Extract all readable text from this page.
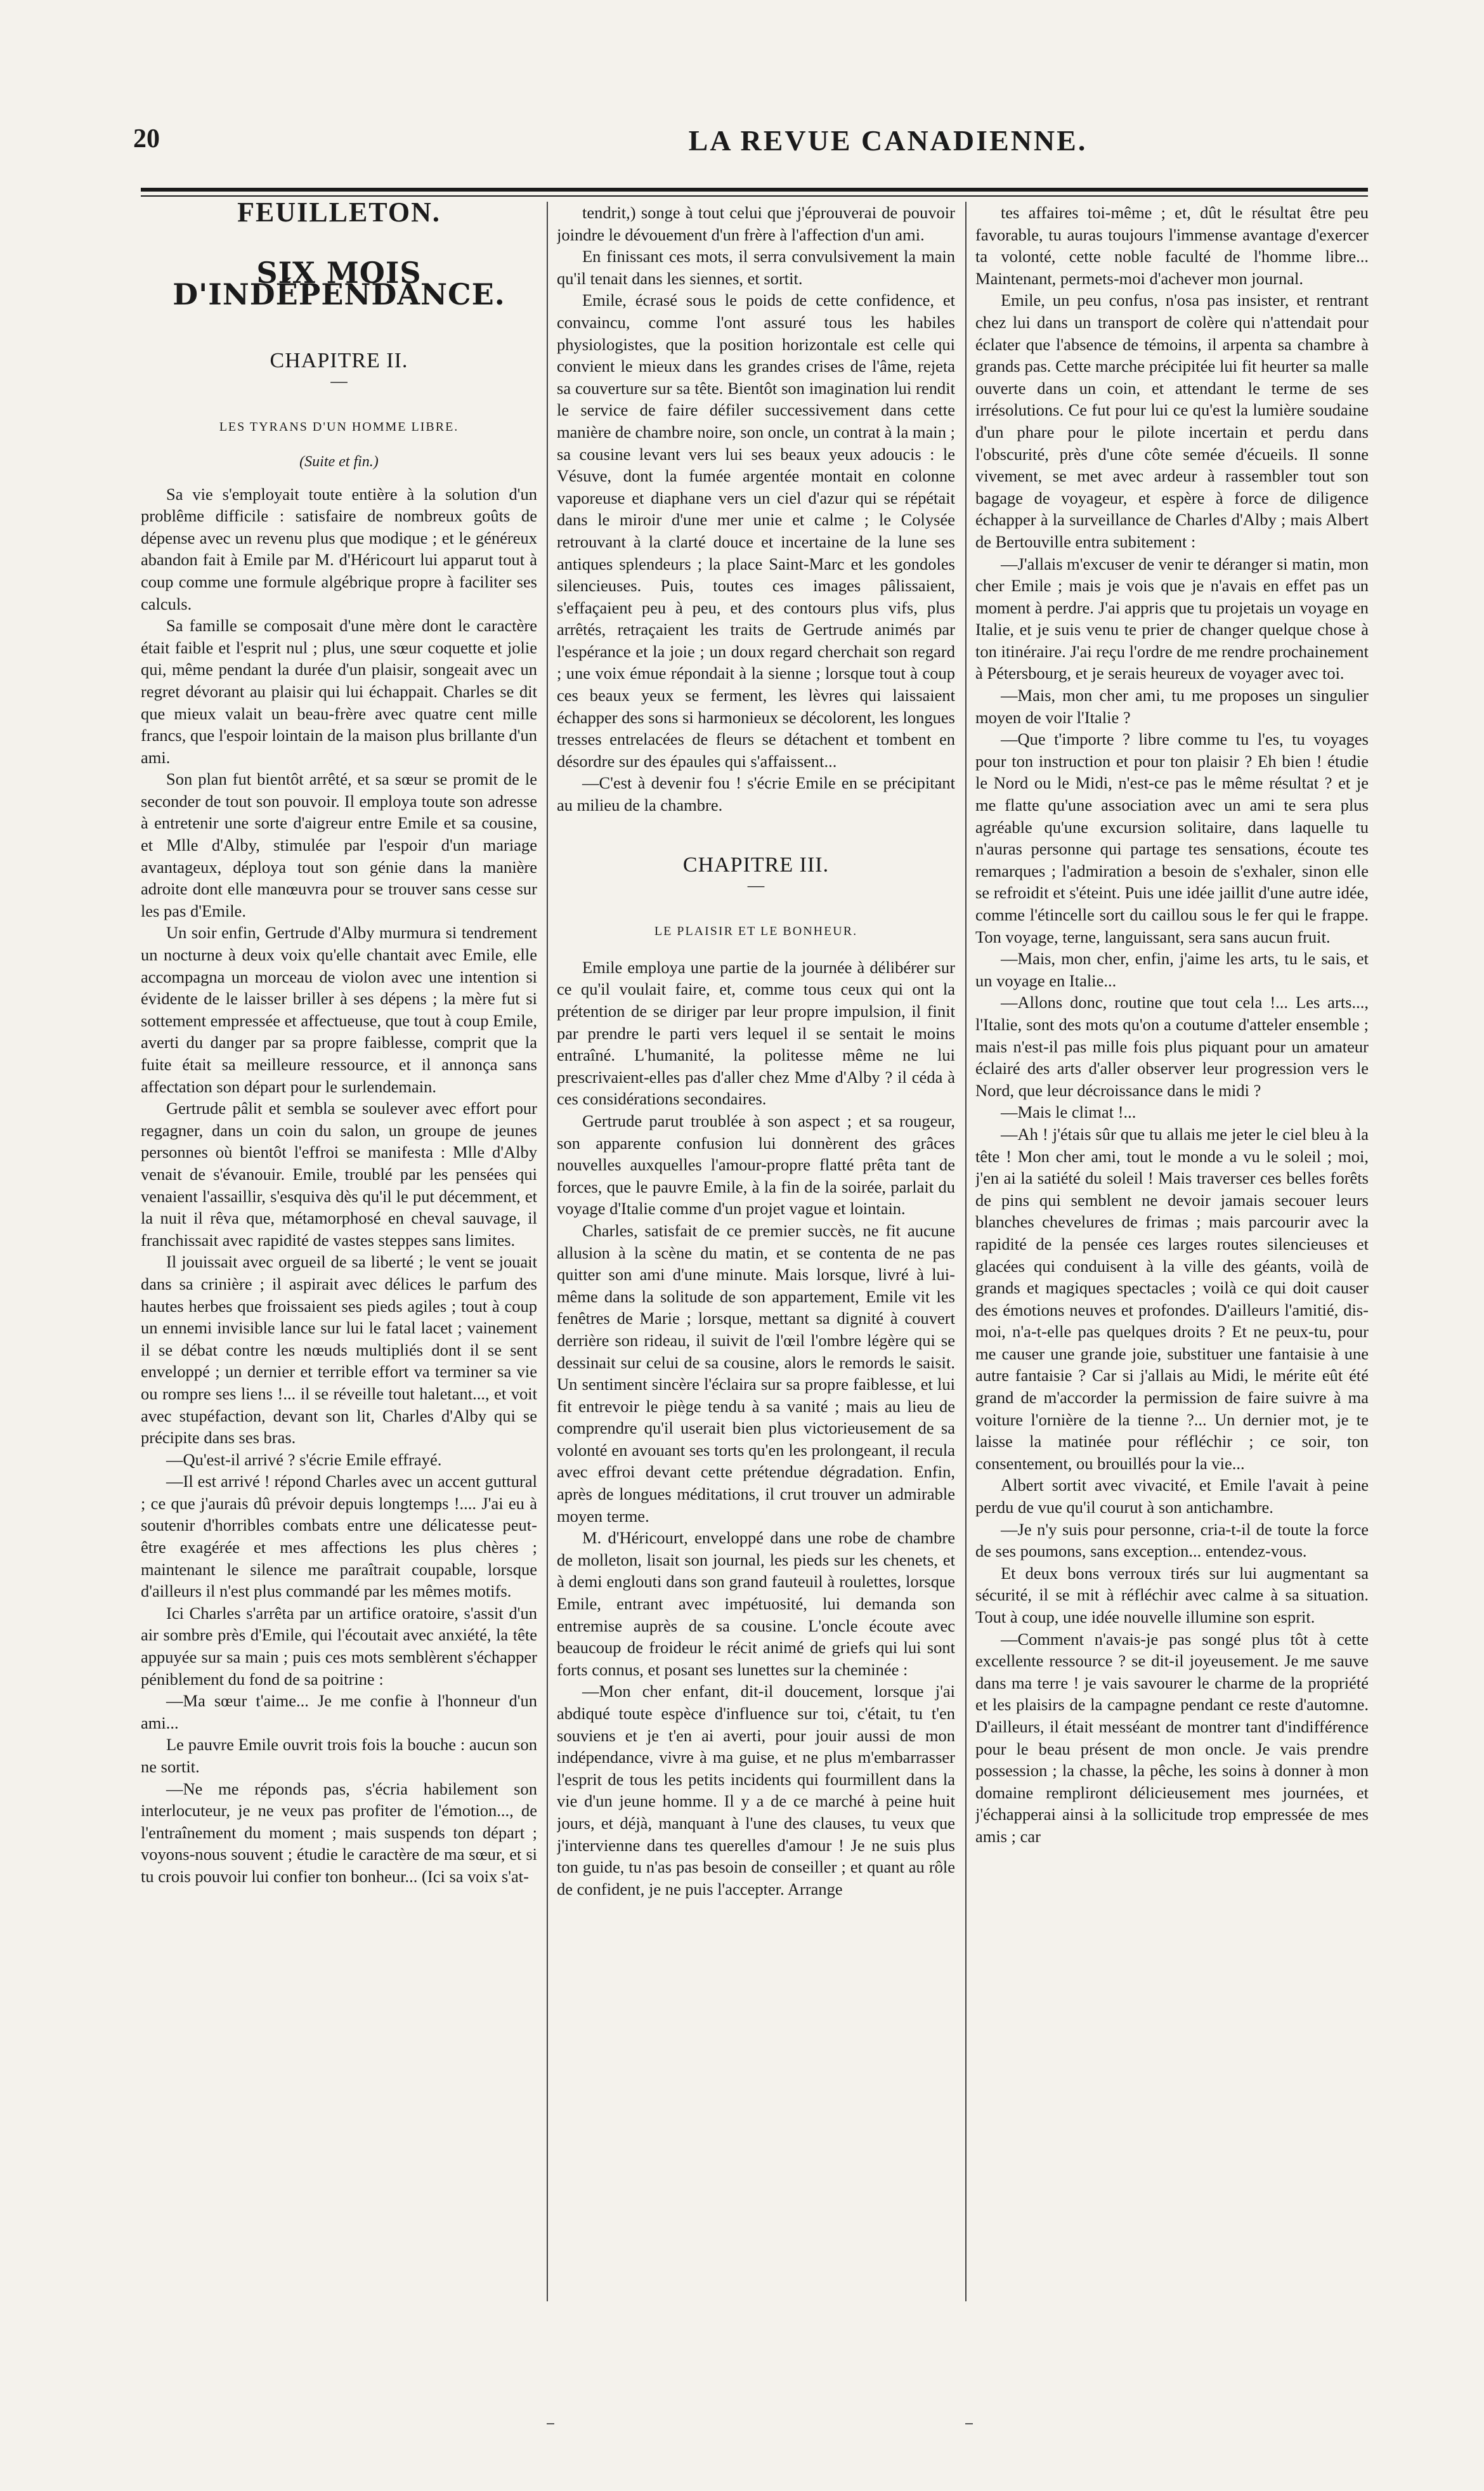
20	LA REVUE CANADIENNE.
FEUILLETON.
SIX MOIS D'INDÉPENDANCE.
CHAPITRE II.
—
LES TYRANS D'UN HOMME LIBRE.
(Suite et fin.)

Sa vie s'employait toute entière à la solution d'un problême difficile : satisfaire de nombreux goûts de dépense avec un revenu plus que modique ; et le généreux abandon fait à Emile par M. d'Héricourt lui apparut tout à coup comme une formule algébrique propre à faciliter ses calculs.

Sa famille se composait d'une mère dont le caractère était faible et l'esprit nul ; plus, une sœur coquette et jolie qui, même pendant la durée d'un plaisir, songeait avec un regret dévorant au plaisir qui lui échappait. Charles se dit que mieux valait un beau-frère avec quatre cent mille francs, que l'espoir lointain de la maison plus brillante d'un ami.

Son plan fut bientôt arrêté, et sa sœur se promit de le seconder de tout son pouvoir. Il employa toute son adresse à entretenir une sorte d'aigreur entre Emile et sa cousine, et Mlle d'Alby, stimulée par l'espoir d'un mariage avantageux, déploya tout son génie dans la manière adroite dont elle manœuvra pour se trouver sans cesse sur les pas d'Emile.

Un soir enfin, Gertrude d'Alby murmura si tendrement un nocturne à deux voix qu'elle chantait avec Emile, elle accompagna un morceau de violon avec une intention si évidente de le laisser briller à ses dépens ; la mère fut si sottement empressée et affectueuse, que tout à coup Emile, averti du danger par sa propre faiblesse, comprit que la fuite était sa meilleure ressource, et il annonça sans affectation son départ pour le surlendemain.

Gertrude pâlit et sembla se soulever avec effort pour regagner, dans un coin du salon, un groupe de jeunes personnes où bientôt l'effroi se manifesta : Mlle d'Alby venait de s'évanouir. Emile, troublé par les pensées qui venaient l'assaillir, s'esquiva dès qu'il le put décemment, et la nuit il rêva que, métamorphosé en cheval sauvage, il franchissait avec rapidité de vastes steppes sans limites.

Il jouissait avec orgueil de sa liberté ; le vent se jouait dans sa crinière ; il aspirait avec délices le parfum des hautes herbes que froissaient ses pieds agiles ; tout à coup un ennemi invisible lance sur lui le fatal lacet ; vainement il se débat contre les nœuds multipliés dont il se sent enveloppé ; un dernier et terrible effort va terminer sa vie ou rompre ses liens !... il se réveille tout haletant..., et voit avec stupéfaction, devant son lit, Charles d'Alby qui se précipite dans ses bras.

—Qu'est-il arrivé ? s'écrie Emile effrayé.

—Il est arrivé ! répond Charles avec un accent guttural ; ce que j'aurais dû prévoir depuis longtemps !.... J'ai eu à soutenir d'horribles combats entre une délicatesse peut-être exagérée et mes affections les plus chères ; maintenant le silence me paraîtrait coupable, lorsque d'ailleurs il n'est plus commandé par les mêmes motifs.

Ici Charles s'arrêta par un artifice oratoire, s'assit d'un air sombre près d'Emile, qui l'écoutait avec anxiété, la tête appuyée sur sa main ; puis ces mots semblèrent s'échapper péniblement du fond de sa poitrine :

—Ma sœur t'aime... Je me confie à l'honneur d'un ami...

Le pauvre Emile ouvrit trois fois la bouche : aucun son ne sortit.

—Ne me réponds pas, s'écria habilement son interlocuteur, je ne veux pas profiter de l'émotion..., de l'entraînement du moment ; mais suspends ton départ ; voyons-nous souvent ; étudie le caractère de ma sœur, et si tu crois pouvoir lui confier ton bonheur... (Ici sa voix s'at-

tendrit,) songe à tout celui que j'éprouverai de pouvoir joindre le dévouement d'un frère à l'affection d'un ami.

En finissant ces mots, il serra convulsivement la main qu'il tenait dans les siennes, et sortit.

Emile, écrasé sous le poids de cette confidence, et convaincu, comme l'ont assuré tous les habiles physiologistes, que la position horizontale est celle qui convient le mieux dans les grandes crises de l'âme, rejeta sa couverture sur sa tête. Bientôt son imagination lui rendit le service de faire défiler successivement dans cette manière de chambre noire, son oncle, un contrat à la main ; sa cousine levant vers lui ses beaux yeux adoucis : le Vésuve, dont la fumée argentée montait en colonne vaporeuse et diaphane vers un ciel d'azur qui se répétait dans le miroir d'une mer unie et calme ; le Colysée retrouvant à la clarté douce et incertaine de la lune ses antiques splendeurs ; la place Saint-Marc et les gondoles silencieuses. Puis, toutes ces images pâlissaient, s'effaçaient peu à peu, et des contours plus vifs, plus arrêtés, retraçaient les traits de Gertrude animés par l'espérance et la joie ; un doux regard cherchait son regard ; une voix émue répondait à la sienne ; lorsque tout à coup ces beaux yeux se ferment, les lèvres qui laissaient échapper des sons si harmonieux se décolorent, les longues tresses entrelacées de fleurs se détachent et tombent en désordre sur des épaules qui s'affaissent...

—C'est à devenir fou ! s'écrie Emile en se précipitant au milieu de la chambre.

CHAPITRE III.
—
LE PLAISIR ET LE BONHEUR.

Emile employa une partie de la journée à délibérer sur ce qu'il voulait faire, et, comme tous ceux qui ont la prétention de se diriger par leur propre impulsion, il finit par prendre le parti vers lequel il se sentait le moins entraîné. L'humanité, la politesse même ne lui prescrivaient-elles pas d'aller chez Mme d'Alby ? il céda à ces considérations secondaires.

Gertrude parut troublée à son aspect ; et sa rougeur, son apparente confusion lui donnèrent des grâces nouvelles auxquelles l'amour-propre flatté prêta tant de forces, que le pauvre Emile, à la fin de la soirée, parlait du voyage d'Italie comme d'un projet vague et lointain.

Charles, satisfait de ce premier succès, ne fit aucune allusion à la scène du matin, et se contenta de ne pas quitter son ami d'une minute. Mais lorsque, livré à lui-même dans la solitude de son appartement, Emile vit les fenêtres de Marie ; lorsque, mettant sa dignité à couvert derrière son rideau, il suivit de l'œil l'ombre légère qui se dessinait sur celui de sa cousine, alors le remords le saisit. Un sentiment sincère l'éclaira sur sa propre faiblesse, et lui fit entrevoir le piège tendu à sa vanité ; mais au lieu de comprendre qu'il userait bien plus victorieusement de sa volonté en avouant ses torts qu'en les prolongeant, il recula avec effroi devant cette prétendue dégradation. Enfin, après de longues méditations, il crut trouver un admirable moyen terme.

M. d'Héricourt, enveloppé dans une robe de chambre de molleton, lisait son journal, les pieds sur les chenets, et à demi englouti dans son grand fauteuil à roulettes, lorsque Emile, entrant avec impétuosité, lui demanda son entremise auprès de sa cousine. L'oncle écoute avec beaucoup de froideur le récit animé de griefs qui lui sont forts connus, et posant ses lunettes sur la cheminée :

—Mon cher enfant, dit-il doucement, lorsque j'ai abdiqué toute espèce d'influence sur toi, c'était, tu t'en souviens et je t'en ai averti, pour jouir aussi de mon indépendance, vivre à ma guise, et ne plus m'embarrasser l'esprit de tous les petits incidents qui fourmillent dans la vie d'un jeune homme. Il y a de ce marché à peine huit jours, et déjà, manquant à l'une des clauses, tu veux que j'intervienne dans tes querelles d'amour ! Je ne suis plus ton guide, tu n'as pas besoin de conseiller ; et quant au rôle de confident, je ne puis l'accepter. Arrange

tes affaires toi-même ; et, dût le résultat être peu favorable, tu auras toujours l'immense avantage d'exercer ta volonté, cette noble faculté de l'homme libre... Maintenant, permets-moi d'achever mon journal.

Emile, un peu confus, n'osa pas insister, et rentrant chez lui dans un transport de colère qui n'attendait pour éclater que l'absence de témoins, il arpenta sa chambre à grands pas. Cette marche précipitée lui fit heurter sa malle ouverte dans un coin, et attendant le terme de ses irrésolutions. Ce fut pour lui ce qu'est la lumière soudaine d'un phare pour le pilote incertain et perdu dans l'obscurité, près d'une côte semée d'écueils. Il sonne vivement, se met avec ardeur à rassembler tout son bagage de voyageur, et espère à force de diligence échapper à la surveillance de Charles d'Alby ; mais Albert de Bertouville entra subitement :

—J'allais m'excuser de venir te déranger si matin, mon cher Emile ; mais je vois que je n'avais en effet pas un moment à perdre. J'ai appris que tu projetais un voyage en Italie, et je suis venu te prier de changer quelque chose à ton itinéraire. J'ai reçu l'ordre de me rendre prochainement à Pétersbourg, et je serais heureux de voyager avec toi.

—Mais, mon cher ami, tu me proposes un singulier moyen de voir l'Italie ?

—Que t'importe ? libre comme tu l'es, tu voyages pour ton instruction et pour ton plaisir ? Eh bien ! étudie le Nord ou le Midi, n'est-ce pas le même résultat ? et je me flatte qu'une association avec un ami te sera plus agréable qu'une excursion solitaire, dans laquelle tu n'auras personne qui partage tes sensations, écoute tes remarques ; l'admiration a besoin de s'exhaler, sinon elle se refroidit et s'éteint. Puis une idée jaillit d'une autre idée, comme l'étincelle sort du caillou sous le fer qui le frappe. Ton voyage, terne, languissant, sera sans aucun fruit.

—Mais, mon cher, enfin, j'aime les arts, tu le sais, et un voyage en Italie...

—Allons donc, routine que tout cela !... Les arts..., l'Italie, sont des mots qu'on a coutume d'atteler ensemble ; mais n'est-il pas mille fois plus piquant pour un amateur éclairé des arts d'aller observer leur progression vers le Nord, que leur décroissance dans le midi ?

—Mais le climat !...

—Ah ! j'étais sûr que tu allais me jeter le ciel bleu à la tête ! Mon cher ami, tout le monde a vu le soleil ; moi, j'en ai la satiété du soleil ! Mais traverser ces belles forêts de pins qui semblent ne devoir jamais secouer leurs blanches chevelures de frimas ; mais parcourir avec la rapidité de la pensée ces larges routes silencieuses et glacées qui conduisent à la ville des géants, voilà de grands et magiques spectacles ; voilà ce qui doit causer des émotions neuves et profondes. D'ailleurs l'amitié, dis-moi, n'a-t-elle pas quelques droits ? Et ne peux-tu, pour me causer une grande joie, substituer une fantaisie à une autre fantaisie ? Car si j'allais au Midi, le mérite eût été grand de m'accorder la permission de faire suivre à ma voiture l'ornière de la tienne ?... Un dernier mot, je te laisse la matinée pour réfléchir ; ce soir, ton consentement, ou brouillés pour la vie...

Albert sortit avec vivacité, et Emile l'avait à peine perdu de vue qu'il courut à son antichambre.

—Je n'y suis pour personne, cria-t-il de toute la force de ses poumons, sans exception... entendez-vous.

Et deux bons verroux tirés sur lui augmentant sa sécurité, il se mit à réfléchir avec calme à sa situation. Tout à coup, une idée nouvelle illumine son esprit.

—Comment n'avais-je pas songé plus tôt à cette excellente ressource ? se dit-il joyeusement. Je me sauve dans ma terre ! je vais savourer le charme de la propriété et les plaisirs de la campagne pendant ce reste d'automne. D'ailleurs, il était messéant de montrer tant d'indifférence pour le beau présent de mon oncle. Je vais prendre possession ; la chasse, la pêche, les soins à donner à mon domaine rempliront délicieusement mes journées, et j'échapperai ainsi à la sollicitude trop empressée de mes amis ; car
